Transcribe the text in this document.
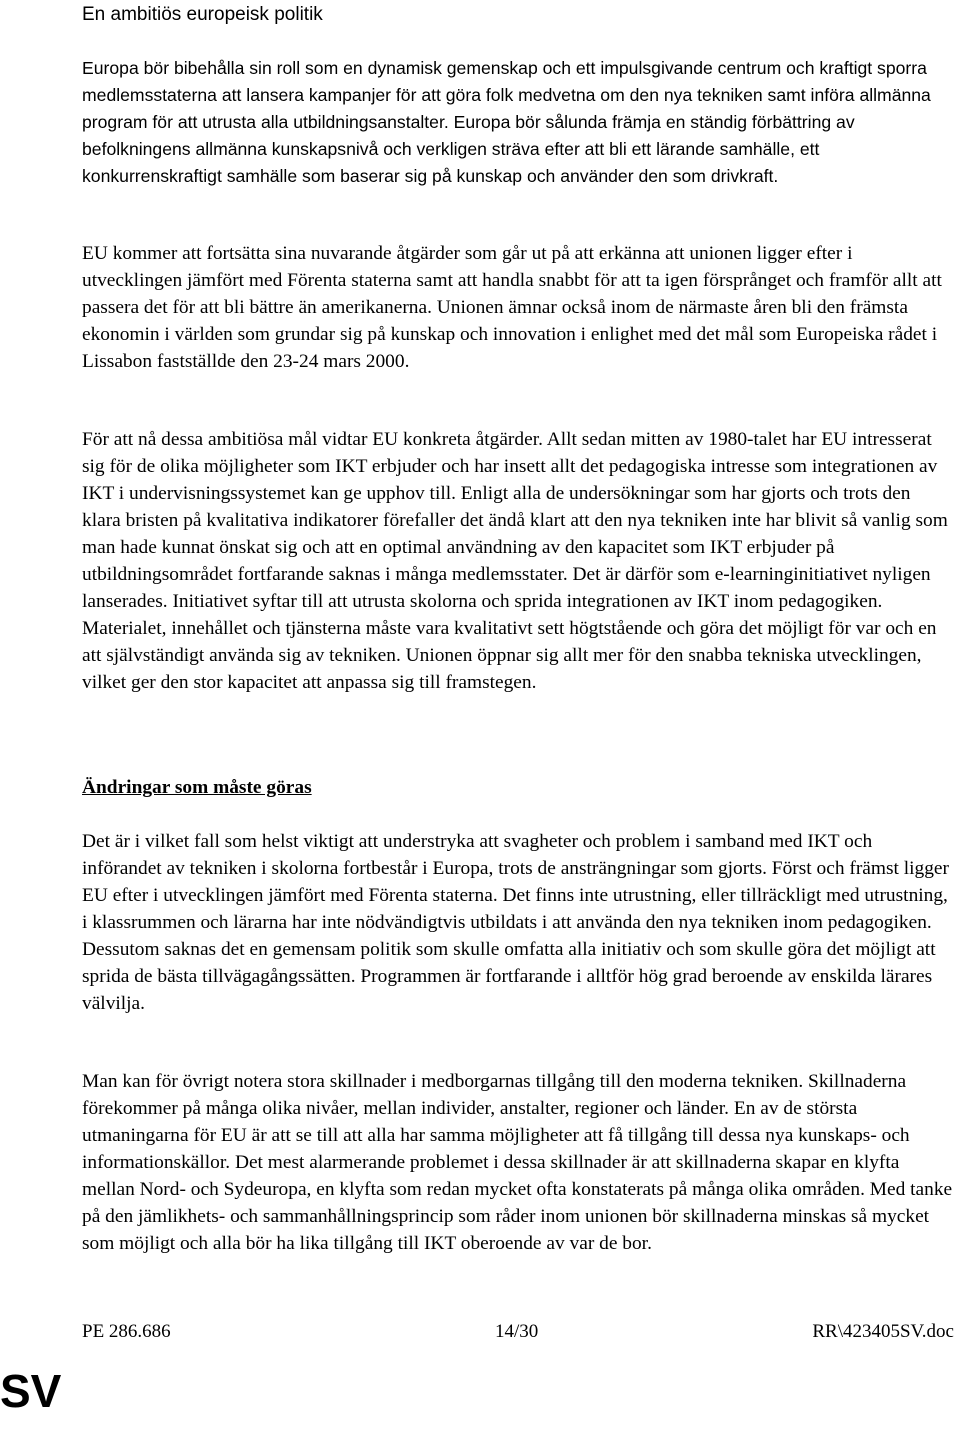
En ambitiös europeisk politik

Europa bör bibehålla sin roll som en dynamisk gemenskap och ett impulsgivande centrum och kraftigt sporra medlemsstaterna att lansera kampanjer för att göra folk medvetna om den nya tekniken samt införa allmänna program för att utrusta alla utbildningsanstalter. Europa bör sålunda främja en ständig förbättring av befolkningens allmänna kunskapsnivå och verkligen sträva efter att bli ett lärande samhälle, ett konkurrenskraftigt samhälle som baserar sig på kunskap och använder den som drivkraft.

EU kommer att fortsätta sina nuvarande åtgärder som går ut på att erkänna att unionen ligger efter i utvecklingen jämfört med Förenta staterna samt att handla snabbt för att ta igen försprånget och framför allt att passera det för att bli bättre än amerikanerna. Unionen ämnar också inom de närmaste åren bli den främsta ekonomin i världen som grundar sig på kunskap och innovation i enlighet med det mål som Europeiska rådet i Lissabon fastställde den 23-24 mars 2000.

För att nå dessa ambitiösa mål vidtar EU konkreta åtgärder. Allt sedan mitten av 1980-talet har EU intresserat sig för de olika möjligheter som IKT erbjuder och har insett allt det pedagogiska intresse som integrationen av IKT i undervisningssystemet kan ge upphov till. Enligt alla de undersökningar som har gjorts och trots den klara bristen på kvalitativa indikatorer förefaller det ändå klart att den nya tekniken inte har blivit så vanlig som man hade kunnat önskat sig och att en optimal användning av den kapacitet som IKT erbjuder på utbildningsområdet fortfarande saknas i många medlemsstater. Det är därför som e-learninginitiativet nyligen lanserades. Initiativet syftar till att utrusta skolorna och sprida integrationen av IKT inom pedagogiken. Materialet, innehållet och tjänsterna måste vara kvalitativt sett högtstående och göra det möjligt för var och en att självständigt använda sig av tekniken. Unionen öppnar sig allt mer för den snabba tekniska utvecklingen, vilket ger den stor kapacitet att anpassa sig till framstegen.

Ändringar som måste göras

Det är i vilket fall som helst viktigt att understryka att svagheter och problem i samband med IKT och införandet av tekniken i skolorna fortbestår i Europa, trots de ansträngningar som gjorts. Först och främst ligger EU efter i utvecklingen jämfört med Förenta staterna. Det finns inte utrustning, eller tillräckligt med utrustning, i klassrummen och lärarna har inte nödvändigtvis utbildats i att använda den nya tekniken inom pedagogiken. Dessutom saknas det en gemensam politik som skulle omfatta alla initiativ och som skulle göra det möjligt att sprida de bästa tillvägagångssätten. Programmen är fortfarande i alltför hög grad beroende av enskilda lärares välvilja.

Man kan för övrigt notera stora skillnader i medborgarnas tillgång till den moderna tekniken. Skillnaderna förekommer på många olika nivåer, mellan individer, anstalter, regioner och länder. En av de största utmaningarna för EU är att se till att alla har samma möjligheter att få tillgång till dessa nya kunskaps- och informationskällor. Det mest alarmerande problemet i dessa skillnader är att skillnaderna skapar en klyfta mellan Nord- och Sydeuropa, en klyfta som redan mycket ofta konstaterats på många olika områden. Med tanke på den jämlikhets- och sammanhållningsprincip som råder inom unionen bör skillnaderna minskas så mycket som möjligt och alla bör ha lika tillgång till IKT oberoende av var de bor.

PE 286.686	14/30	RR\423405SV.doc
SV
